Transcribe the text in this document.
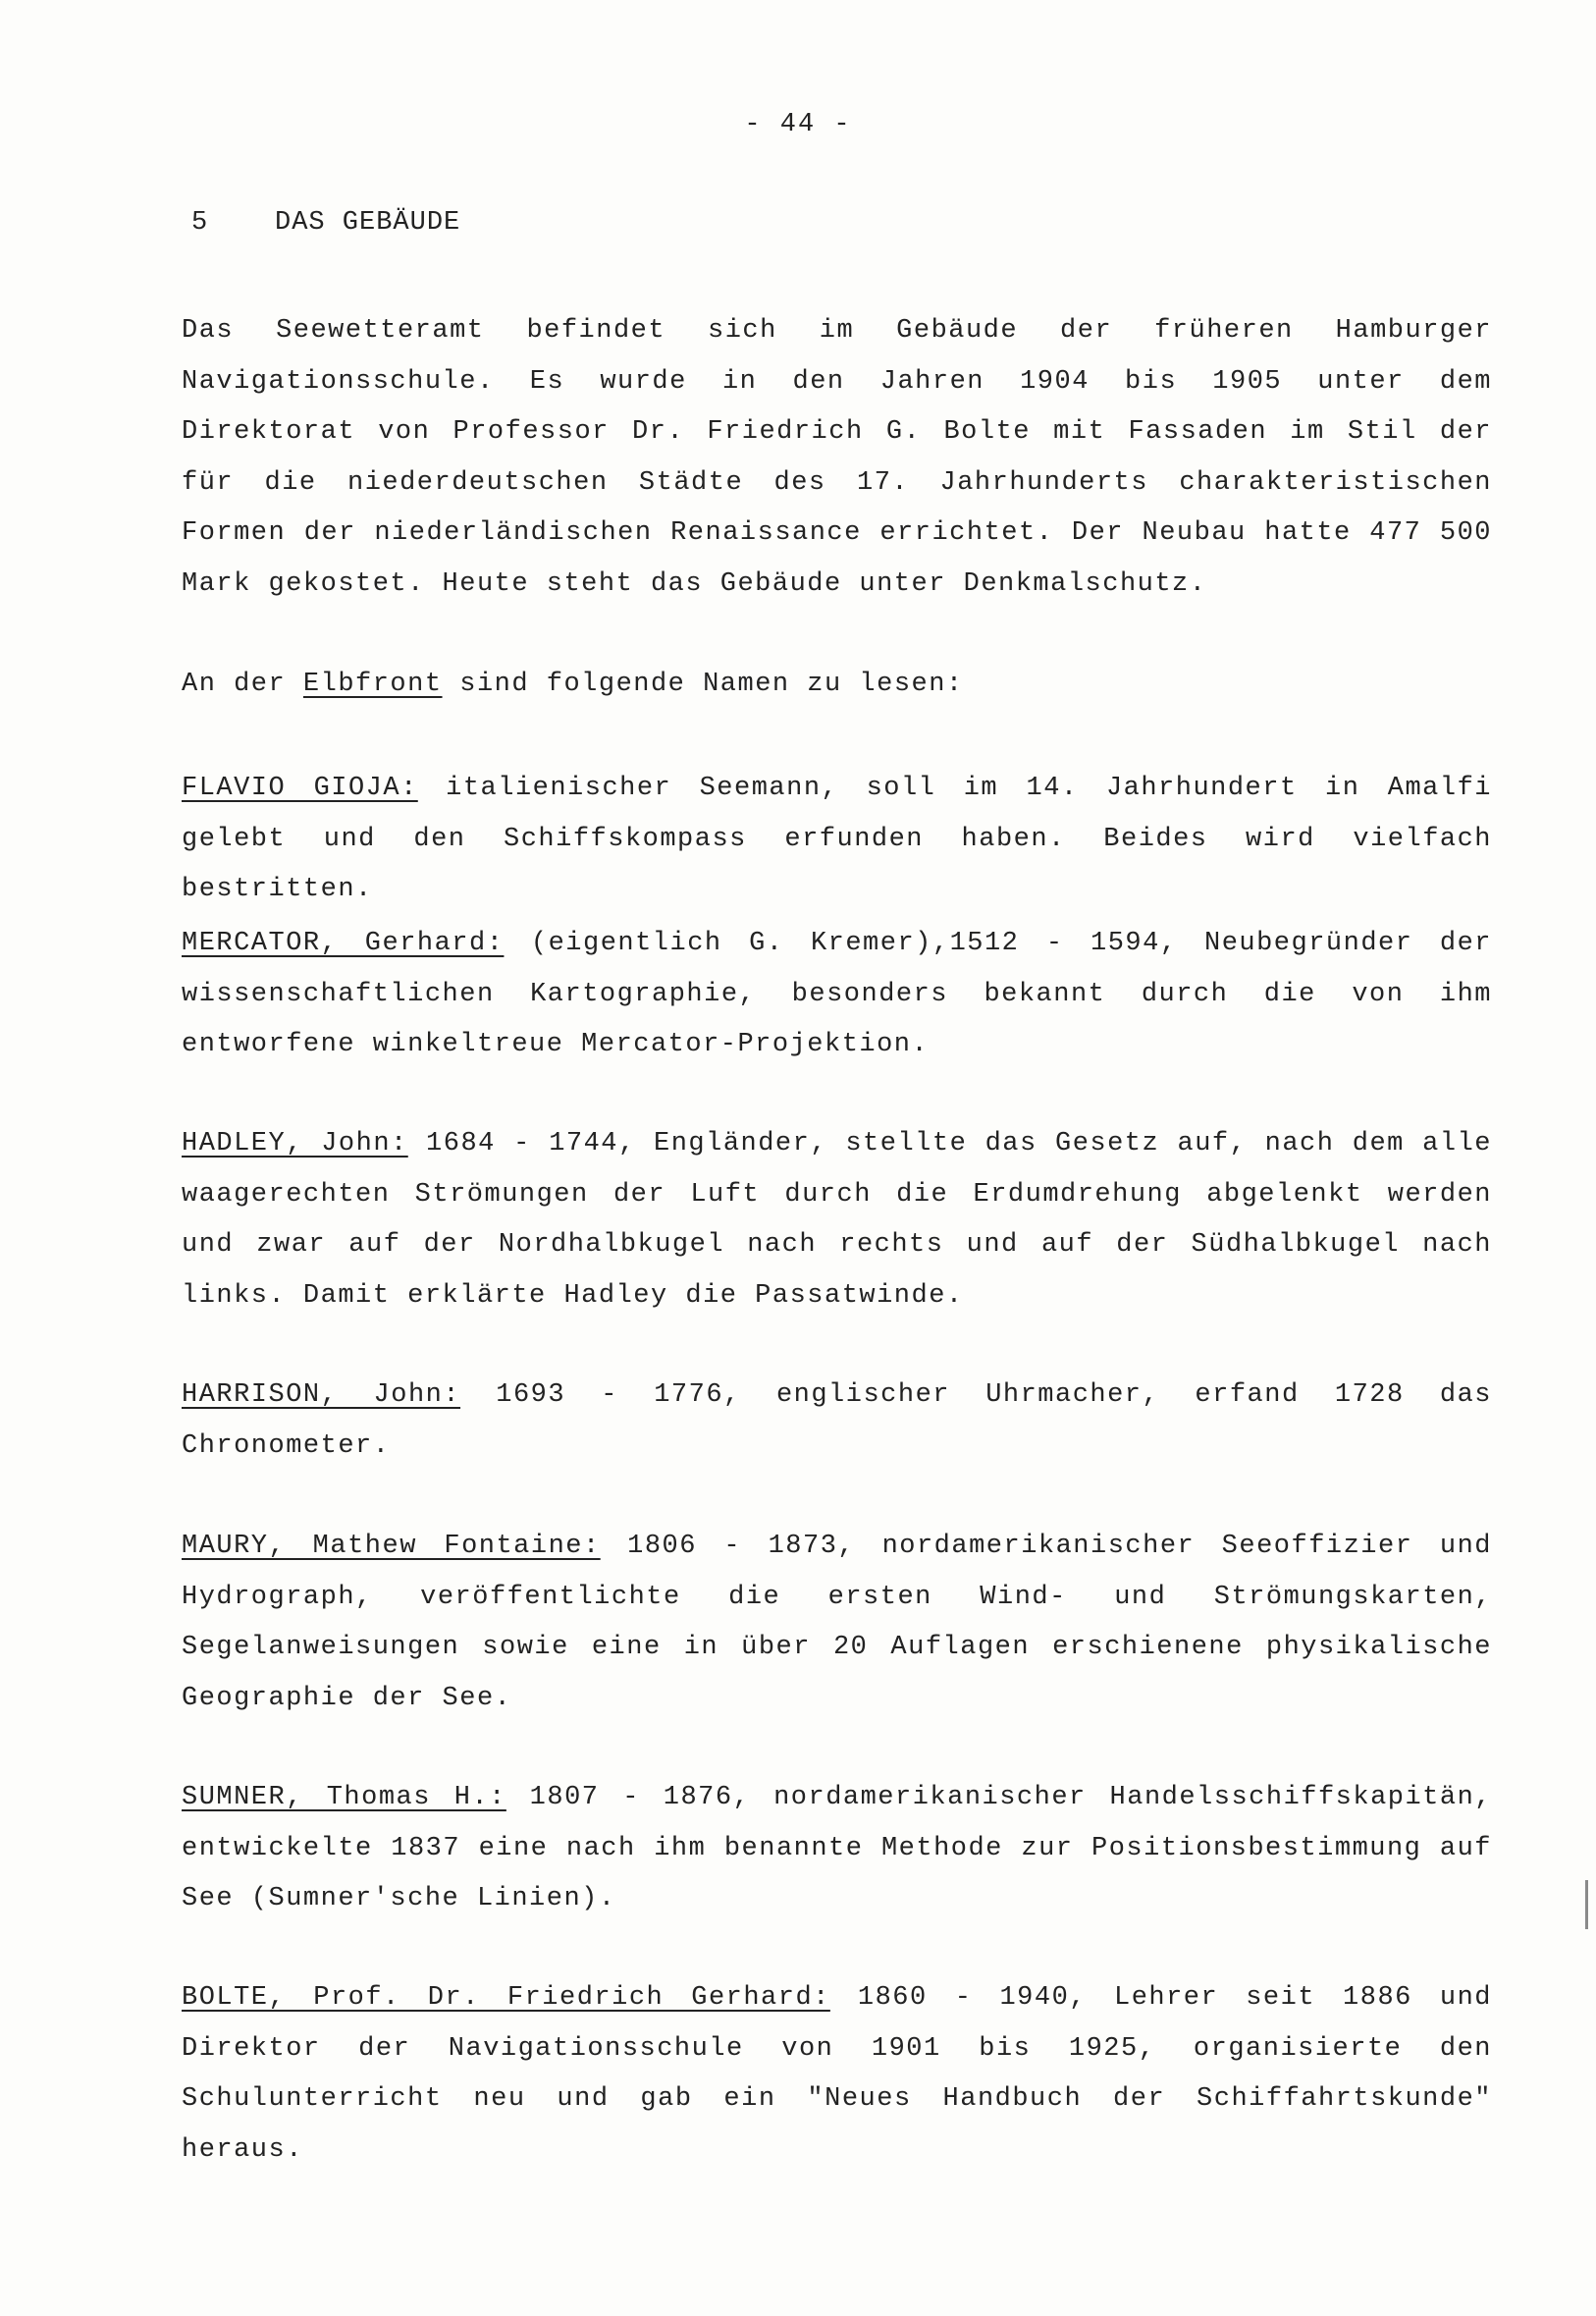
- 44 -
5	DAS GEBÄUDE

Das Seewetteramt befindet sich im Gebäude der früheren Hamburger Navigationsschule. Es wurde in den Jahren 1904 bis 1905 unter dem Direktorat von Professor Dr. Friedrich G. Bolte mit Fassaden im Stil der für die niederdeutschen Städte des 17. Jahrhunderts charakteristischen Formen der niederländischen Renaissance errichtet. Der Neubau hatte 477 500 Mark gekostet. Heute steht das Gebäude unter Denkmalschutz.

An der Elbfront sind folgende Namen zu lesen:

FLAVIO GIOJA: italienischer Seemann, soll im 14. Jahrhundert in Amalfi gelebt und den Schiffskompass erfunden haben. Beides wird vielfach bestritten.

MERCATOR, Gerhard: (eigentlich G. Kremer),1512 - 1594, Neubegründer der wissenschaftlichen Kartographie, besonders bekannt durch die von ihm entworfene winkeltreue Mercator-Projektion.

HADLEY, John: 1684 - 1744, Engländer, stellte das Gesetz auf, nach dem alle waagerechten Strömungen der Luft durch die Erdumdrehung abgelenkt werden und zwar auf der Nordhalbkugel nach rechts und auf der Südhalbkugel nach links. Damit erklärte Hadley die Passatwinde.

HARRISON, John: 1693 - 1776, englischer Uhrmacher, erfand 1728 das Chronometer.

MAURY, Mathew Fontaine: 1806 - 1873, nordamerikanischer Seeoffizier und Hydrograph, veröffentlichte die ersten Wind- und Strömungskarten, Segelanweisungen sowie eine in über 20 Auflagen erschienene physikalische Geographie der See.

SUMNER, Thomas H.: 1807 - 1876, nordamerikanischer Handelsschiffskapitän, entwickelte 1837 eine nach ihm benannte Methode zur Positionsbestimmung auf See (Sumner'sche Linien).

BOLTE, Prof. Dr. Friedrich Gerhard: 1860 - 1940, Lehrer seit 1886 und Direktor der Navigationsschule von 1901 bis 1925, organisierte den Schulunterricht neu und gab ein "Neues Handbuch der Schiffahrtskunde" heraus.
